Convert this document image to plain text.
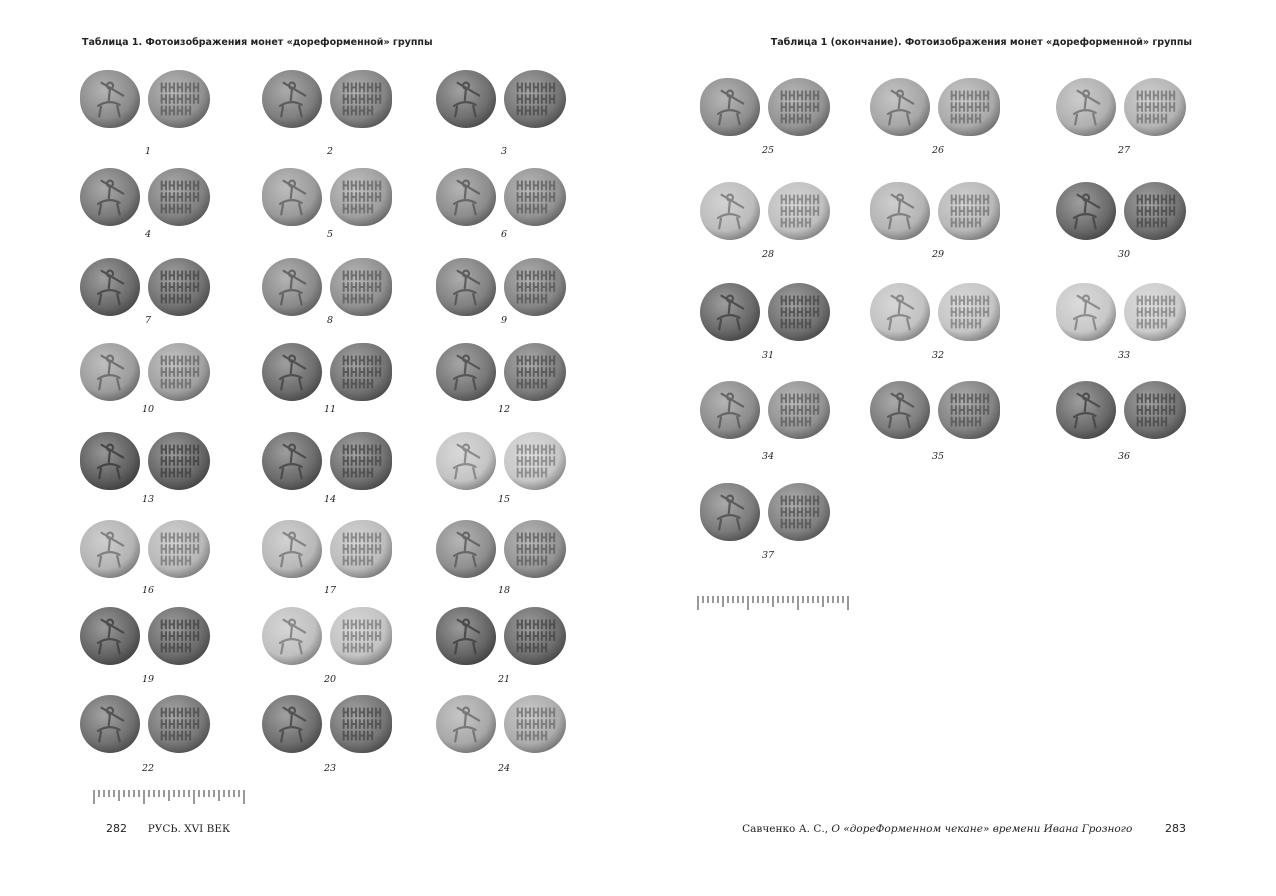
Таблица 1. Фотоизображения монет «дореформенной» группы
1	2	3
4	5	6
7	8	9
10	11	12
13	14	15
16	17	18
19	20	21
22	23	24
282 РУСЬ. XVI ВЕК
Таблица 1 (окончание). Фотоизображения монет «дореформенной» группы
25	26	27
28	29	30
31	32	33
34	35	36
37
Савченко А. С., О «дореФорменном чекане» времени Ивана Грозного	283
